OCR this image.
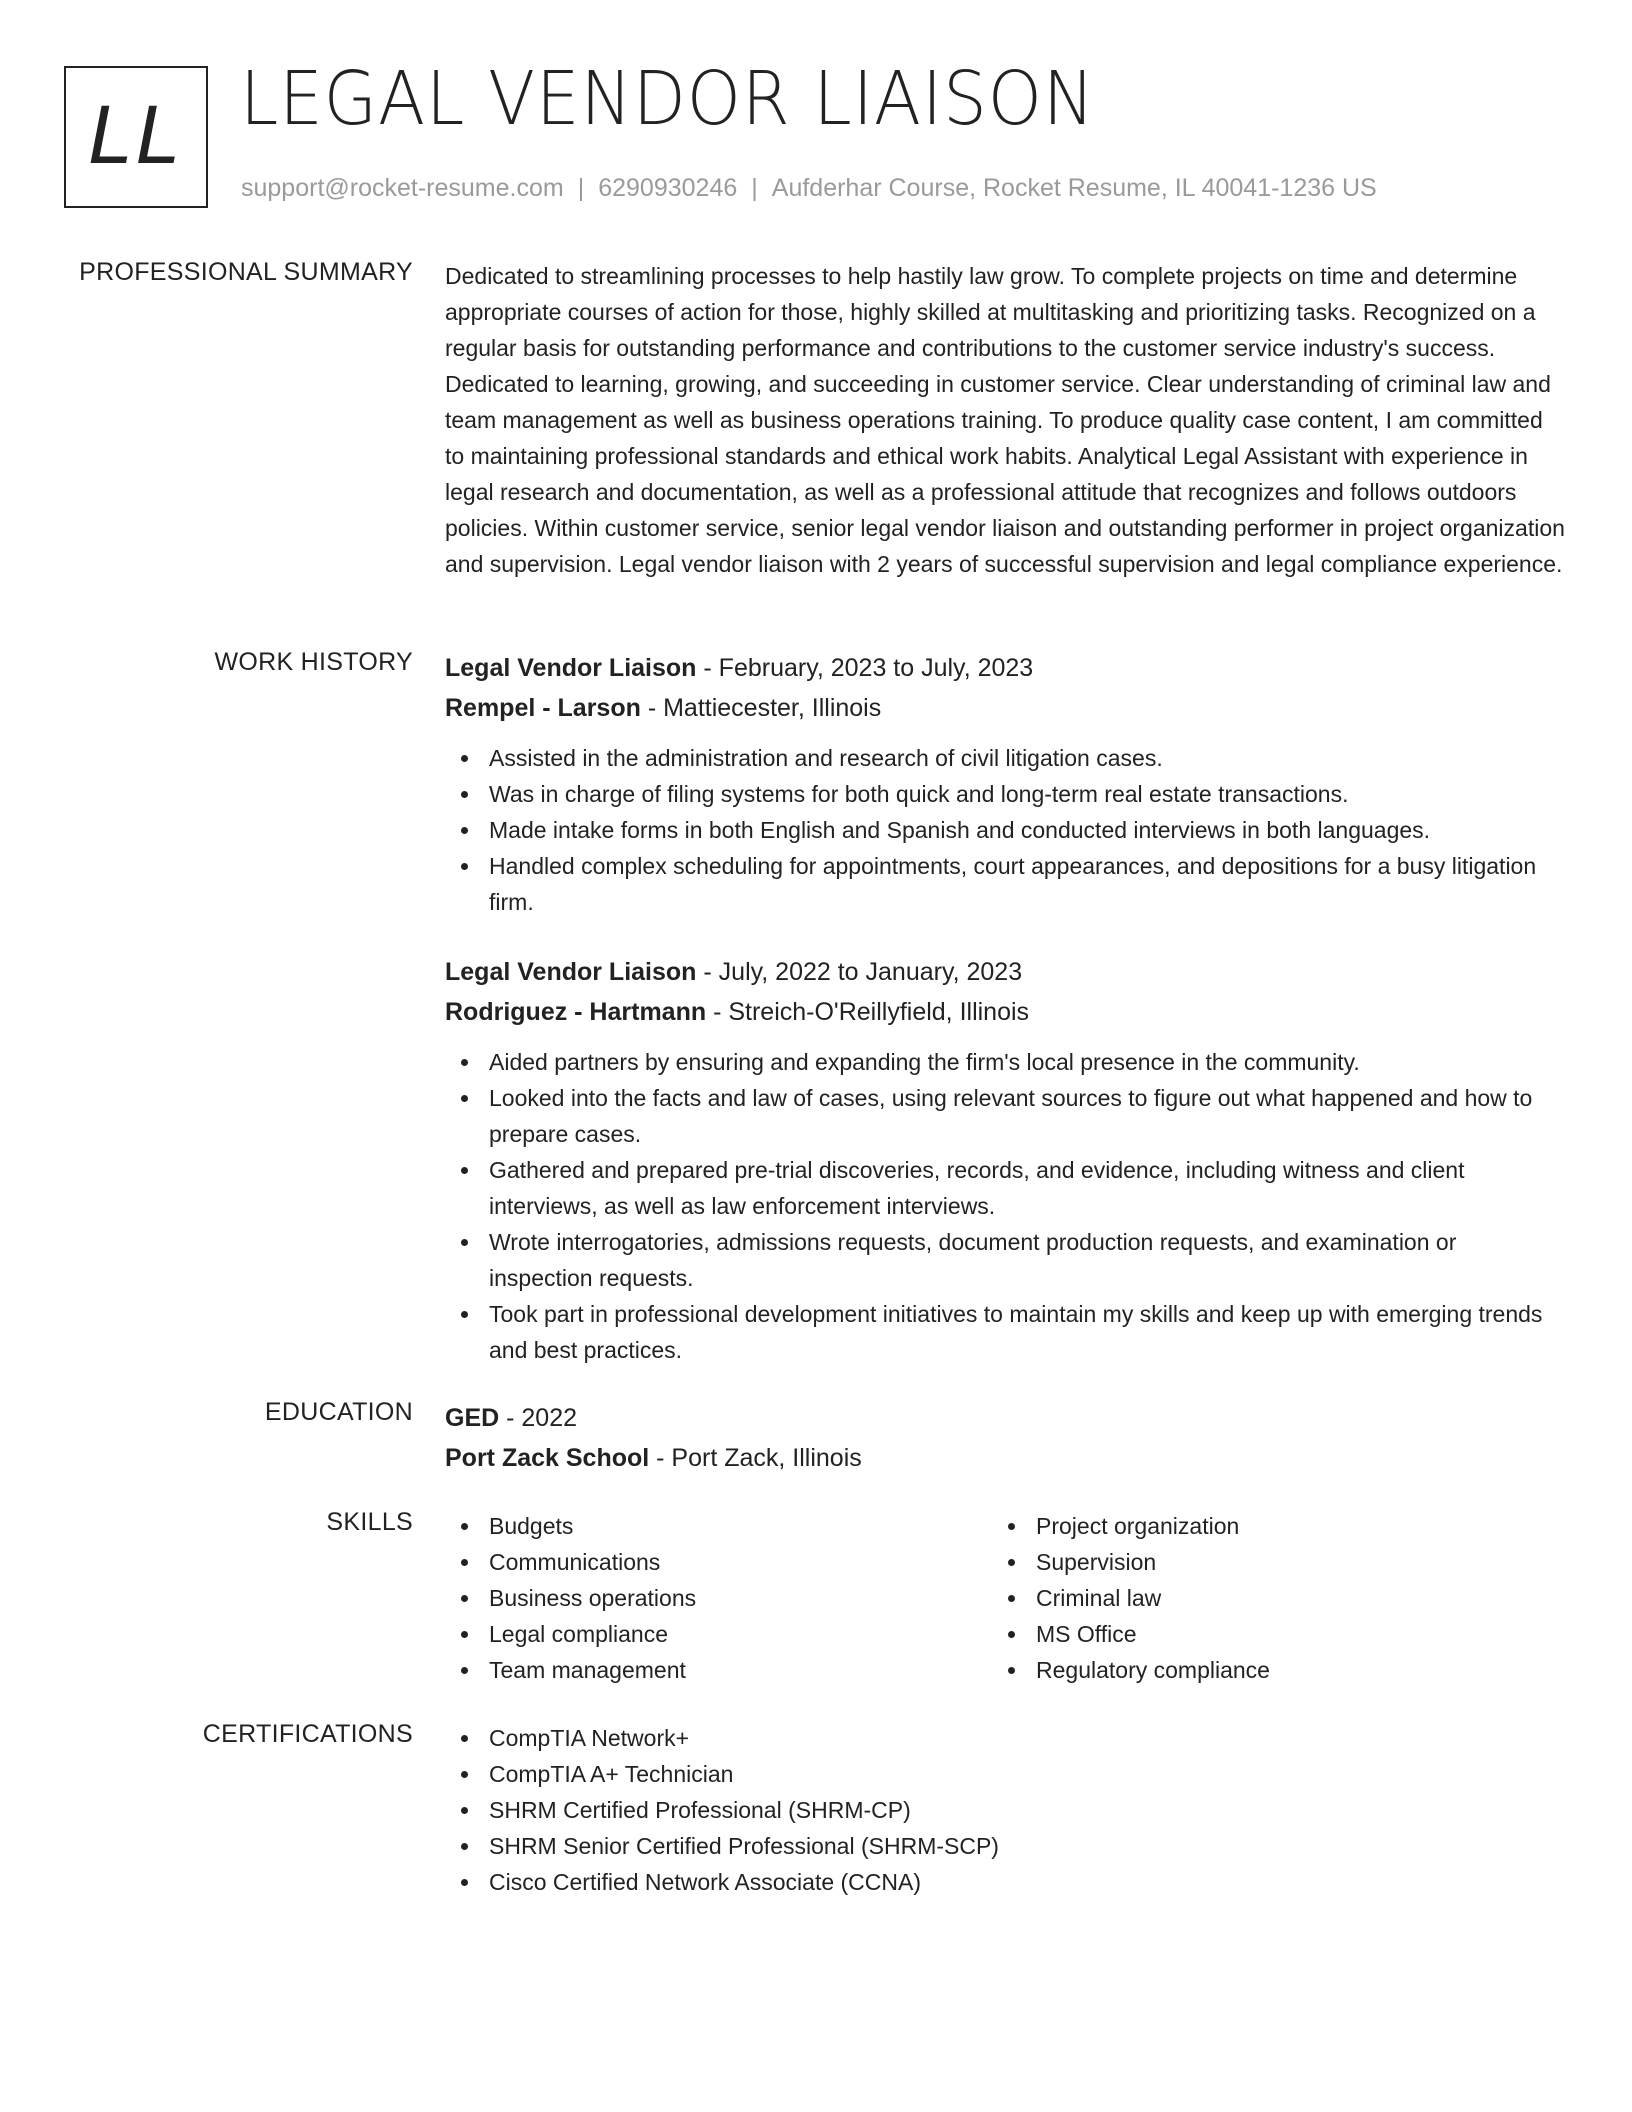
LL LEGAL VENDOR LIAISON
support@rocket-resume.com | 6290930246 | Aufderhar Course, Rocket Resume, IL 40041-1236 US
PROFESSIONAL SUMMARY Dedicated to streamlining processes to help hastily law grow. To complete projects on time and determine appropriate courses of action for those, highly skilled at multitasking and prioritizing tasks. Recognized on a regular basis for outstanding performance and contributions to the customer service industry's success. Dedicated to learning, growing, and succeeding in customer service. Clear understanding of criminal law and team management as well as business operations training. To produce quality case content, I am committed to maintaining professional standards and ethical work habits. Analytical Legal Assistant with experience in legal research and documentation, as well as a professional attitude that recognizes and follows outdoors policies. Within customer service, senior legal vendor liaison and outstanding performer in project organization and supervision. Legal vendor liaison with 2 years of successful supervision and legal compliance experience.
WORK HISTORY Legal Vendor Liaison - February, 2023 to July, 2023
Rempel - Larson - Mattiecester, Illinois
Assisted in the administration and research of civil litigation cases.
Was in charge of filing systems for both quick and long-term real estate transactions.
Made intake forms in both English and Spanish and conducted interviews in both languages.
Handled complex scheduling for appointments, court appearances, and depositions for a busy litigation firm.
Legal Vendor Liaison - July, 2022 to January, 2023
Rodriguez - Hartmann - Streich-O'Reillyfield, Illinois
Aided partners by ensuring and expanding the firm's local presence in the community.
Looked into the facts and law of cases, using relevant sources to figure out what happened and how to prepare cases.
Gathered and prepared pre-trial discoveries, records, and evidence, including witness and client interviews, as well as law enforcement interviews.
Wrote interrogatories, admissions requests, document production requests, and examination or inspection requests.
Took part in professional development initiatives to maintain my skills and keep up with emerging trends and best practices.
EDUCATION GED - 2022
Port Zack School - Port Zack, Illinois
SKILLS	Budgets
Communications
Business operations
Legal compliance
Team management
Project organization
Supervision
Criminal law
MS Office
Regulatory compliance
CERTIFICATIONS	CompTIA Network+
CompTIA A+ Technician
SHRM Certified Professional (SHRM-CP)
SHRM Senior Certified Professional (SHRM-SCP)
Cisco Certified Network Associate (CCNA)
